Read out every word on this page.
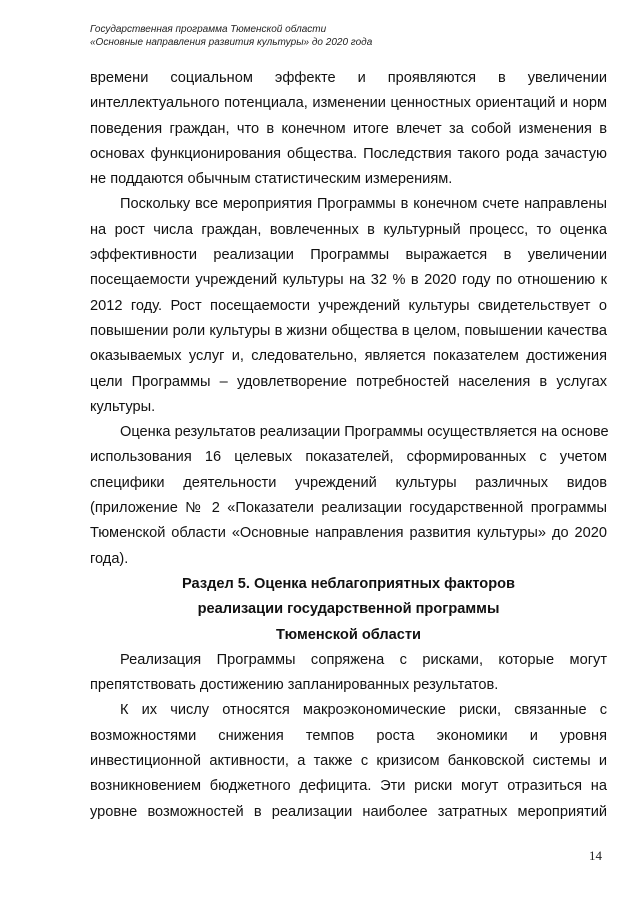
Государственная программа Тюменской области
«Основные направления развития культуры» до 2020 года
времени социальном эффекте и проявляются в увеличении
интеллектуального потенциала, изменении ценностных ориентаций и норм
поведения граждан, что в конечном итоге влечет за собой изменения в
основах функционирования общества. Последствия такого рода зачастую
не поддаются обычным статистическим измерениям.
Поскольку все мероприятия Программы в конечном счете направлены
на рост числа граждан, вовлеченных в культурный процесс, то оценка
эффективности реализации Программы выражается в увеличении
посещаемости учреждений культуры на 32 % в 2020 году по отношению к
2012 году. Рост посещаемости учреждений культуры свидетельствует о
повышении роли культуры в жизни общества в целом, повышении качества
оказываемых услуг и, следовательно, является показателем достижения
цели Программы – удовлетворение потребностей населения в услугах
культуры.
Оценка результатов реализации Программы осуществляется на основе
использования 16 целевых показателей, сформированных с учетом
специфики деятельности учреждений культуры различных видов
(приложение № 2 «Показатели реализации государственной программы
Тюменской области «Основные направления развития культуры» до 2020
года).
Раздел 5. Оценка неблагоприятных факторов
реализации государственной программы
Тюменской области
Реализация Программы сопряжена с рисками, которые могут
препятствовать достижению запланированных результатов.
К их числу относятся макроэкономические риски, связанные с
возможностями снижения темпов роста экономики и уровня
инвестиционной активности, а также с кризисом банковской системы и
возникновением бюджетного дефицита. Эти риски могут отразиться на
уровне возможностей в реализации наиболее затратных мероприятий
14
